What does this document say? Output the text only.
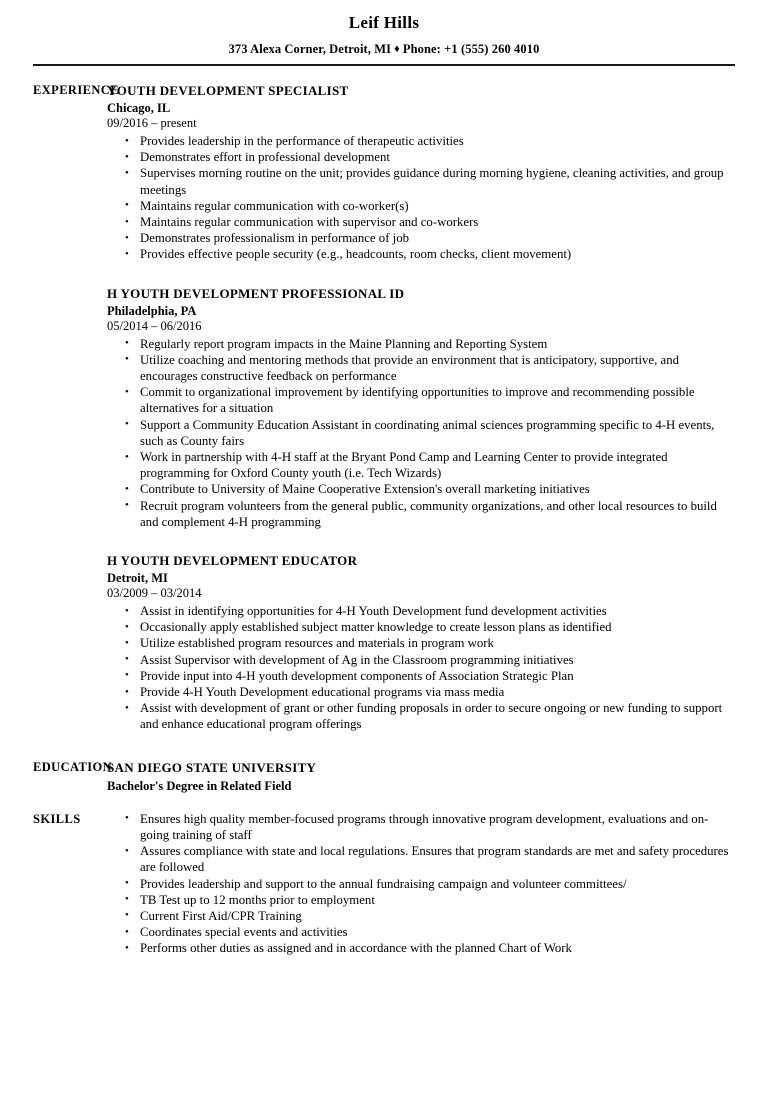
Leif Hills
373 Alexa Corner, Detroit, MI ♦ Phone: +1 (555) 260 4010
EXPERIENCE
YOUTH DEVELOPMENT SPECIALIST
Chicago, IL
09/2016 – present
• Provides leadership in the performance of therapeutic activities
• Demonstrates effort in professional development
• Supervises morning routine on the unit; provides guidance during morning hygiene, cleaning activities, and group meetings
• Maintains regular communication with co-worker(s)
• Maintains regular communication with supervisor and co-workers
• Demonstrates professionalism in performance of job
• Provides effective people security (e.g., headcounts, room checks, client movement)
H YOUTH DEVELOPMENT PROFESSIONAL ID
Philadelphia, PA
05/2014 – 06/2016
• Regularly report program impacts in the Maine Planning and Reporting System
• Utilize coaching and mentoring methods that provide an environment that is anticipatory, supportive, and encourages constructive feedback on performance
• Commit to organizational improvement by identifying opportunities to improve and recommending possible alternatives for a situation
• Support a Community Education Assistant in coordinating animal sciences programming specific to 4-H events, such as County fairs
• Work in partnership with 4-H staff at the Bryant Pond Camp and Learning Center to provide integrated programming for Oxford County youth (i.e. Tech Wizards)
• Contribute to University of Maine Cooperative Extension's overall marketing initiatives
• Recruit program volunteers from the general public, community organizations, and other local resources to build and complement 4-H programming
H YOUTH DEVELOPMENT EDUCATOR
Detroit, MI
03/2009 – 03/2014
• Assist in identifying opportunities for 4-H Youth Development fund development activities
• Occasionally apply established subject matter knowledge to create lesson plans as identified
• Utilize established program resources and materials in program work
• Assist Supervisor with development of Ag in the Classroom programming initiatives
• Provide input into 4-H youth development components of Association Strategic Plan
• Provide 4-H Youth Development educational programs via mass media
• Assist with development of grant or other funding proposals in order to secure ongoing or new funding to support and enhance educational program offerings
EDUCATION
SAN DIEGO STATE UNIVERSITY
Bachelor's Degree in Related Field
SKILLS	• Ensures high quality member-focused programs through innovative program development, evaluations and on-going training of staff
• Assures compliance with state and local regulations. Ensures that program standards are met and safety procedures are followed
• Provides leadership and support to the annual fundraising campaign and volunteer committees/
• TB Test up to 12 months prior to employment
• Current First Aid/CPR Training
• Coordinates special events and activities
• Performs other duties as assigned and in accordance with the planned Chart of Work
